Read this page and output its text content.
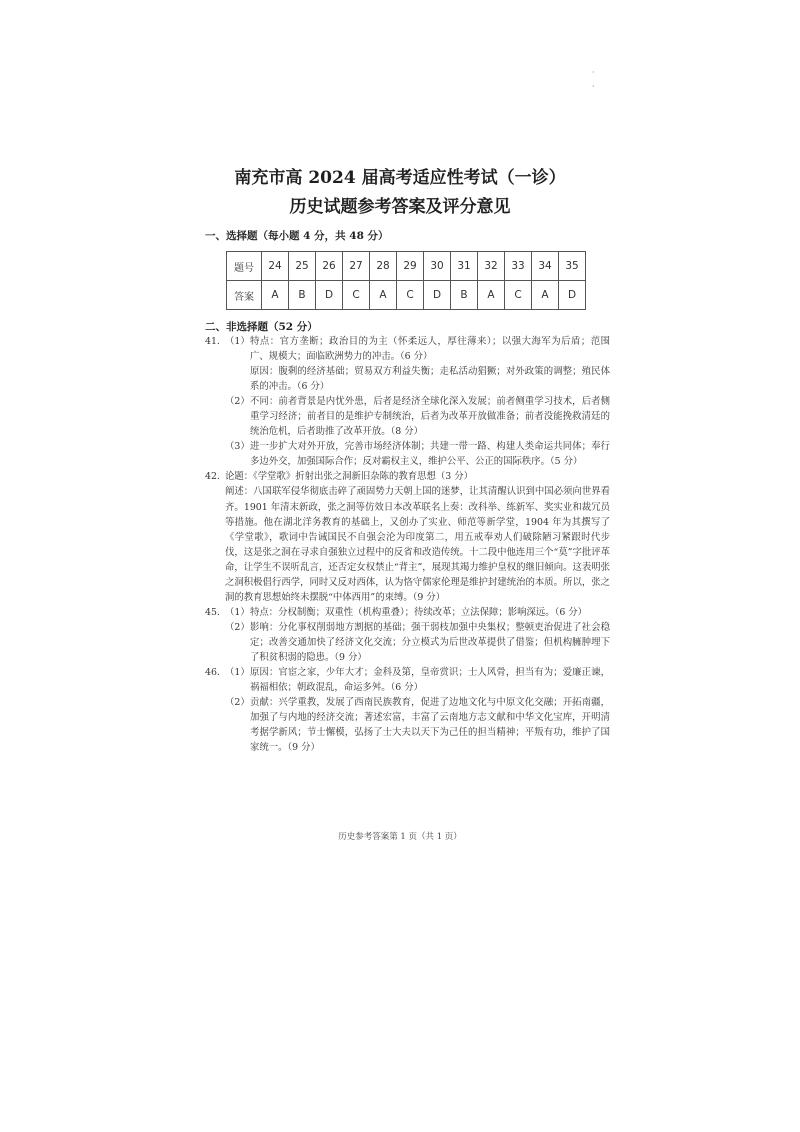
·
·
南充市高 2024 届高考适应性考试（一诊）
历史试题参考答案及评分意见
一、选择题（每小题 4 分，共 48 分）
题号	24	25	26	27	28	29	30	31	32	33	34	35
答案	A	B	D	C	A	C	D	B	A	C	A	D
二、非选择题（52 分）
41. （1） 特点：官方垄断；政治目的为主（怀柔远人，厚往薄来）；以强大海军为后盾；范围广、规模大；面临欧洲势力的冲击。（6 分）
原因：腹剩的经济基础；贸易双方利益失衡；走私活动猖獗；对外政策的调整；殖民体系的冲击。（6 分）
（2） 不同：前者背景是内忧外患，后者是经济全球化深入发展；前者侧重学习技术，后者侧重学习经济；前者目的是维护专制统治，后者为改革开放做准备；前者没能挽救清廷的统治危机，后者助推了改革开放。（8 分）
（3） 进一步扩大对外开放，完善市场经济体制；共建一带一路、构建人类命运共同体；奉行多边外交，加强国际合作；反对霸权主义，维护公平、公正的国际秩序。（5 分）
42. 论题：《学堂歌》折射出张之洞新旧杂陈的教育思想（3 分）
阐述：八国联军侵华彻底击碎了顽固势力天朝上国的迷梦，让其清醒认识到中国必须向世界看齐。1901 年清末新政，张之洞等仿效日本改革联名上奏：改科举、练新军、奖实业和裁冗员等措施。他在湖北洋务教育的基础上，又创办了实业、师范等新学堂，1904 年为其撰写了《学堂歌》，歌词中告诫国民不自强会沦为印度第二，用五戒奉劝人们破除陋习紧跟时代步伐，这是张之洞在寻求自强独立过程中的反省和改造传统。十二段中他连用三个“莫”字批评革命，让学生不误听乱言，还否定女权禁止“背主”，展现其竭力维护皇权的继旧倾向。这表明张之洞积极倡行西学，同时又反对西体，认为恪守儒家伦理是维护封建统治的本质。所以，张之洞的教育思想始终未摆脱“中体西用”的束缚。（9 分）
45. （1） 特点：分权制衡；双重性（机构重叠）；待续改革；立法保障；影响深远。（6 分）
（2） 影响：分化事权削弱地方割据的基础；强干弱枝加强中央集权；整顿吏治促进了社会稳定；改善交通加快了经济文化交流；分立模式为后世改革提供了借鉴；但机构臃肿埋下了积贫积弱的隐患。（9 分）
46. （1） 原因：官宦之家，少年大才；金科及第，皇帝赏识；士人风骨，担当有为；爱廉正谏，祸福相依；朝政混乱，命运多舛。（6 分）
（2） 贡献：兴学重教，发展了西南民族教育，促进了边地文化与中原文化交融；开拓南疆，加强了与内地的经济交流；著述宏富，丰富了云南地方志文献和中华文化宝库，开明清考据学新风；节士懈模，弘扬了士大夫以天下为己任的担当精神；平叛有功，维护了国家统一。（9 分）
历史参考答案第 1 页（共 1 页）
